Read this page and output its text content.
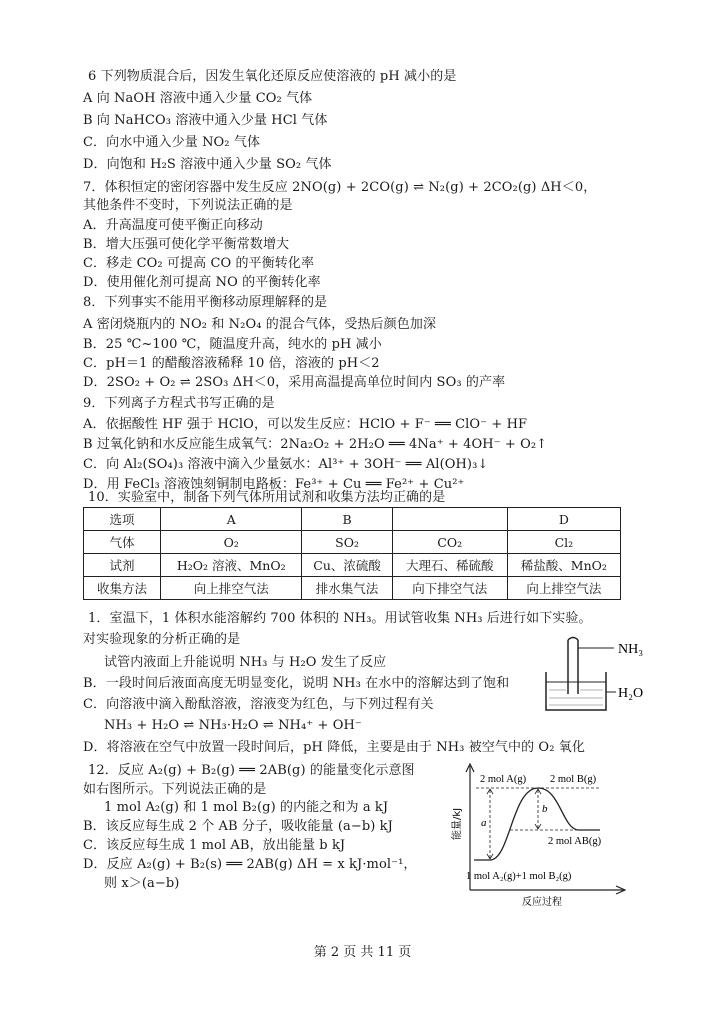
6 下列物质混合后，因发生氧化还原反应使溶液的 pH 减小的是
A 向 NaOH 溶液中通入少量 CO₂ 气体
B 向 NaHCO₃ 溶液中通入少量 HCl 气体
C．向水中通入少量 NO₂ 气体
D．向饱和 H₂S 溶液中通入少量 SO₂ 气体
7．体积恒定的密闭容器中发生反应 2NO(g) + 2CO(g) ⇌ N₂(g) + 2CO₂(g) ΔH＜0，
其他条件不变时，下列说法正确的是
A．升高温度可使平衡正向移动
B．增大压强可使化学平衡常数增大
C．移走 CO₂ 可提高 CO 的平衡转化率
D．使用催化剂可提高 NO 的平衡转化率
8．下列事实不能用平衡移动原理解释的是
A 密闭烧瓶内的 NO₂ 和 N₂O₄ 的混合气体，受热后颜色加深
B．25 ℃~100 ℃，随温度升高，纯水的 pH 减小
C．pH＝1 的醋酸溶液稀释 10 倍，溶液的 pH＜2
D．2SO₂ + O₂ ⇌ 2SO₃ ΔH＜0，采用高温提高单位时间内 SO₃ 的产率
9．下列离子方程式书写正确的是
A．依据酸性 HF 强于 HClO，可以发生反应：HClO + F⁻ ══ ClO⁻ + HF
B 过氧化钠和水反应能生成氧气：2Na₂O₂ + 2H₂O ══ 4Na⁺ + 4OH⁻ + O₂↑
C．向 Al₂(SO₄)₃ 溶液中滴入少量氨水：Al³⁺ + 3OH⁻ ══ Al(OH)₃↓
D．用 FeCl₃ 溶液蚀刻铜制电路板：Fe³⁺ + Cu ══ Fe²⁺ + Cu²⁺
10．实验室中，制备下列气体所用试剂和收集方法均正确的是
选项	A	B		D
气体	O₂	SO₂	CO₂	Cl₂
试剂	H₂O₂ 溶液、MnO₂	Cu、浓硫酸	大理石、稀硫酸	稀盐酸、MnO₂
收集方法	向上排空气法	排水集气法	向下排空气法	向上排空气法
1．室温下，1 体积水能溶解约 700 体积的 NH₃。用试管收集 NH₃ 后进行如下实验。
对实验现象的分析正确的是
试管内液面上升能说明 NH₃ 与 H₂O 发生了反应
B．一段时间后液面高度无明显变化，说明 NH₃ 在水中的溶解达到了饱和
C．向溶液中滴入酚酞溶液，溶液变为红色，与下列过程有关
NH₃ + H₂O ⇌ NH₃·H₂O ⇌ NH₄⁺ + OH⁻
D．将溶液在空气中放置一段时间后，pH 降低，主要是由于 NH₃ 被空气中的 O₂ 氧化
NH₃
H₂O
12．反应 A₂(g) + B₂(g) ══ 2AB(g) 的能量变化示意图
如右图所示。下列说法正确的是
1 mol A₂(g) 和 1 mol B₂(g) 的内能之和为 a kJ
B．该反应每生成 2 个 AB 分子，吸收能量 (a−b) kJ
C．该反应每生成 1 mol AB，放出能量 b kJ
D．反应 A₂(g) + B₂(s) ══ 2AB(g) ΔH = x kJ·mol⁻¹，
则 x＞(a−b)
2 mol A(g) 2 mol B(g)
2 mol AB(g)
1 mol A₂(g)+1 mol B₂(g)
a
b
能量/kJ
反应过程
第 2 页 共 11 页
